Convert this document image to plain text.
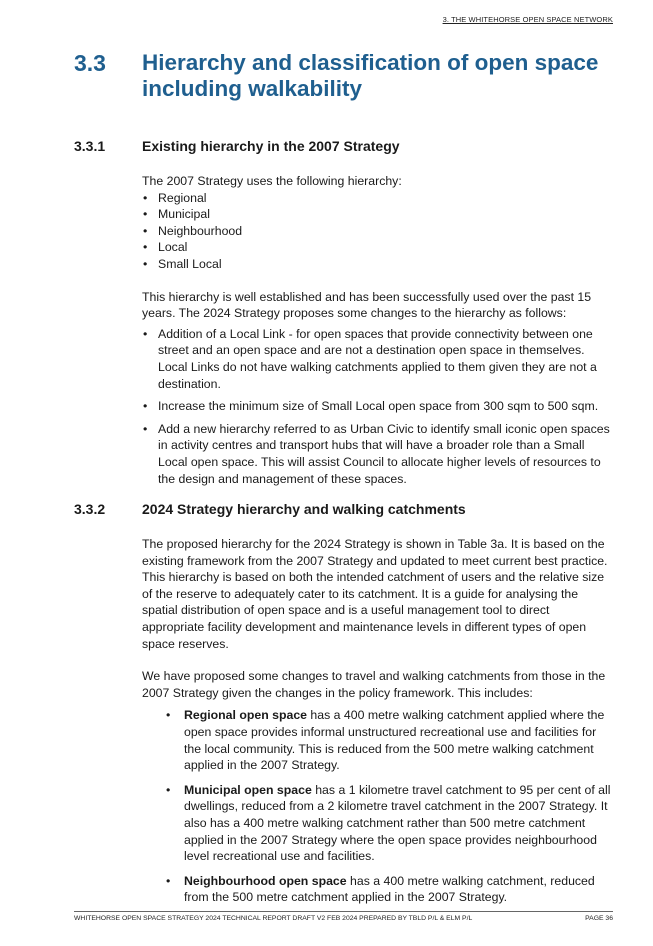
3. THE WHITEHORSE OPEN SPACE NETWORK
3.3 Hierarchy and classification of open space including walkability
3.3.1	Existing hierarchy in the 2007 Strategy

The 2007 Strategy uses the following hierarchy:

• Regional
• Municipal
• Neighbourhood
• Local
• Small Local

This hierarchy is well established and has been successfully used over the past 15 years. The 2024 Strategy proposes some changes to the hierarchy as follows:

• Addition of a Local Link - for open spaces that provide connectivity between one street and an open space and are not a destination open space in themselves. Local Links do not have walking catchments applied to them given they are not a destination.
• Increase the minimum size of Small Local open space from 300 sqm to 500 sqm.
• Add a new hierarchy referred to as Urban Civic to identify small iconic open spaces in activity centres and transport hubs that will have a broader role than a Small Local open space. This will assist Council to allocate higher levels of resources to the design and management of these spaces.
3.3.2	2024 Strategy hierarchy and walking catchments

The proposed hierarchy for the 2024 Strategy is shown in Table 3a. It is based on the existing framework from the 2007 Strategy and updated to meet current best practice. This hierarchy is based on both the intended catchment of users and the relative size of the reserve to adequately cater to its catchment. It is a guide for analysing the spatial distribution of open space and is a useful management tool to direct appropriate facility development and maintenance levels in different types of open space reserves.

We have proposed some changes to travel and walking catchments from those in the 2007 Strategy given the changes in the policy framework. This includes:

• Regional open space has a 400 metre walking catchment applied where the open space provides informal unstructured recreational use and facilities for the local community. This is reduced from the 500 metre walking catchment applied in the 2007 Strategy.
• Municipal open space has a 1 kilometre travel catchment to 95 per cent of all dwellings, reduced from a 2 kilometre travel catchment in the 2007 Strategy. It also has a 400 metre walking catchment rather than 500 metre catchment applied in the 2007 Strategy where the open space provides neighbourhood level recreational use and facilities.
• Neighbourhood open space has a 400 metre walking catchment, reduced from the 500 metre catchment applied in the 2007 Strategy.
WHITEHORSE OPEN SPACE STRATEGY 2024 TECHNICAL REPORT DRAFT V2 FEB 2024 PREPARED BY TBLD P/L & ELM P/L	PAGE 36
